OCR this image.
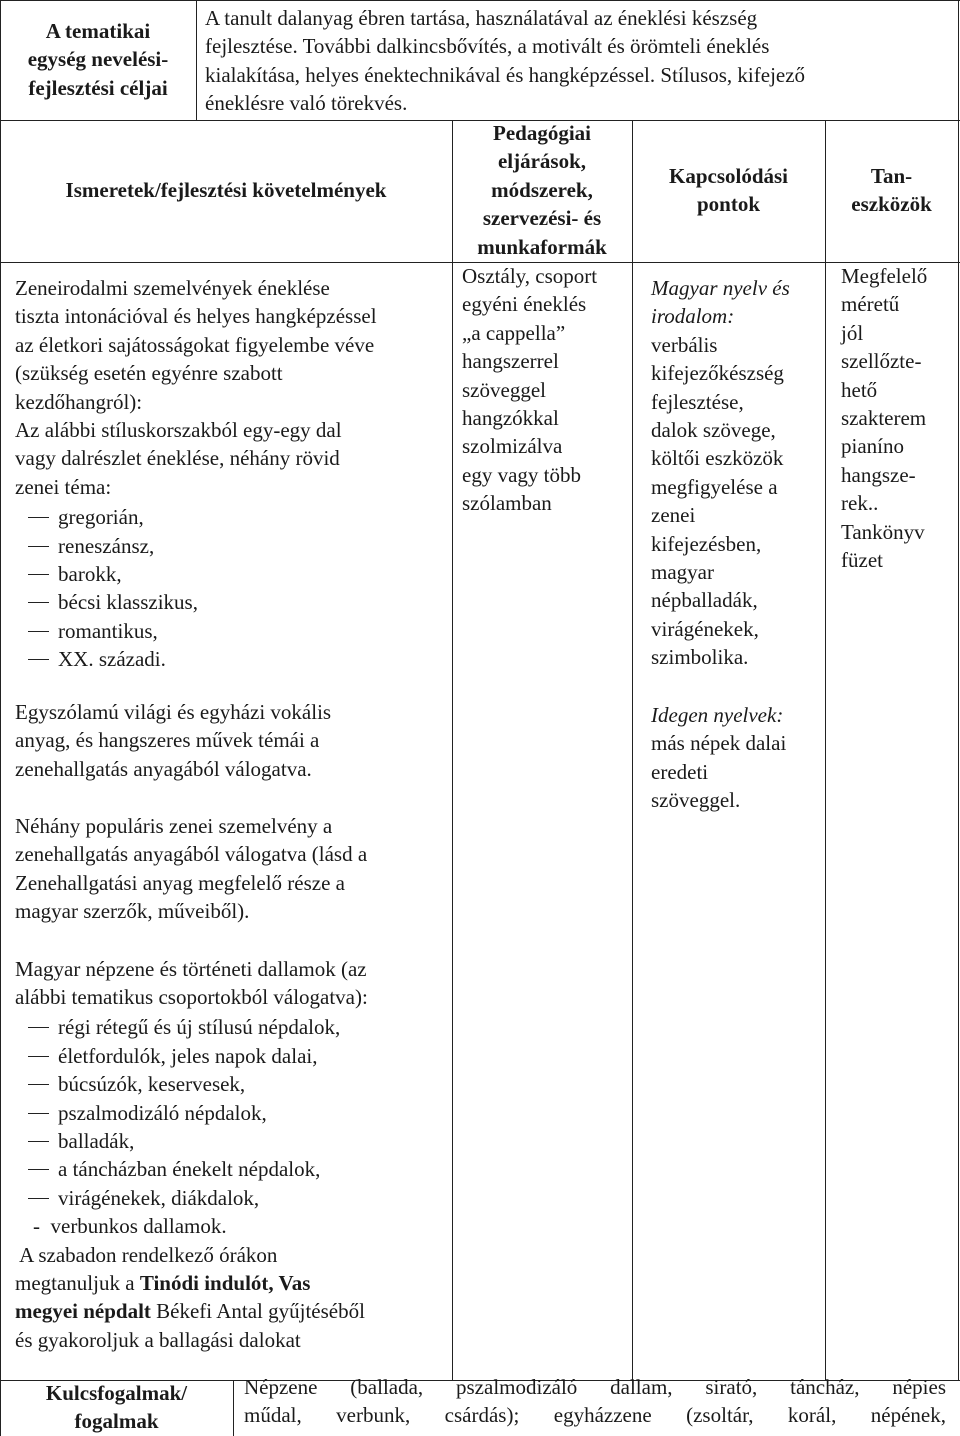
A tematikai
egység nevelési-
fejlesztési céljai
A tanult dalanyag ébren tartása, használatával az éneklési készség
fejlesztése. További dalkincsbővítés, a motivált és örömteli éneklés
kialakítása, helyes énektechnikával és hangképzéssel. Stílusos, kifejező
éneklésre való törekvés.
Ismeretek/fejlesztési követelmények
Pedagógiai
eljárások,
módszerek,
szervezési- és
munkaformák
Kapcsolódási
pontok
Tan-
eszközök
Zeneirodalmi szemelvények éneklése
tiszta intonációval és helyes hangképzéssel
az életkori sajátosságokat figyelembe véve
(szükség esetén egyénre szabott
kezdőhangról):
Az alábbi stíluskorszakból egy-egy dal
vagy dalrészlet éneklése, néhány rövid
zenei téma:
gregorián,
reneszánsz,
barokk,
bécsi klasszikus,
romantikus,
XX. századi.
Egyszólamú világi és egyházi vokális
anyag, és hangszeres művek témái a
zenehallgatás anyagából válogatva.
Néhány populáris zenei szemelvény a
zenehallgatás anyagából válogatva (lásd a
Zenehallgatási anyag megfelelő része a
magyar szerzők, műveiből).
Magyar népzene és történeti dallamok (az
alábbi tematikus csoportokból válogatva):
régi rétegű és új stílusú népdalok,
életfordulók, jeles napok dalai,
búcsúzók, keservesek,
pszalmodizáló népdalok,
balladák,
a táncházban énekelt népdalok,
virágénekek, diákdalok,
-  verbunkos dallamok.
A szabadon rendelkező órákon
megtanuljuk a Tinódi indulót, Vas
megyei népdalt Békefi Antal gyűjtéséből
és gyakoroljuk a ballagási dalokat
Osztály, csoport
egyéni éneklés
„a cappella”
hangszerrel
szöveggel
hangzókkal
szolmizálva
egy vagy több
szólamban
Magyar nyelv és
irodalom:
verbális
kifejezőkészség
fejlesztése,
dalok szövege,
költői eszközök
megfigyelése a
zenei
kifejezésben,
magyar
népballadák,
virágénekek,
szimbolika.
Idegen nyelvek:
más népek dalai
eredeti
szöveggel.
Megfelelő
méretű
jól
szellőzte-
hető
szakterem
pianíno
hangsze-
rek..
Tankönyv
füzet
Kulcsfogalmak/
fogalmak
Népzene (ballada, pszalmodizáló dallam, sirató, táncház, népies
műdal, verbunk, csárdás); egyházzene (zsoltár, korál, népének,
